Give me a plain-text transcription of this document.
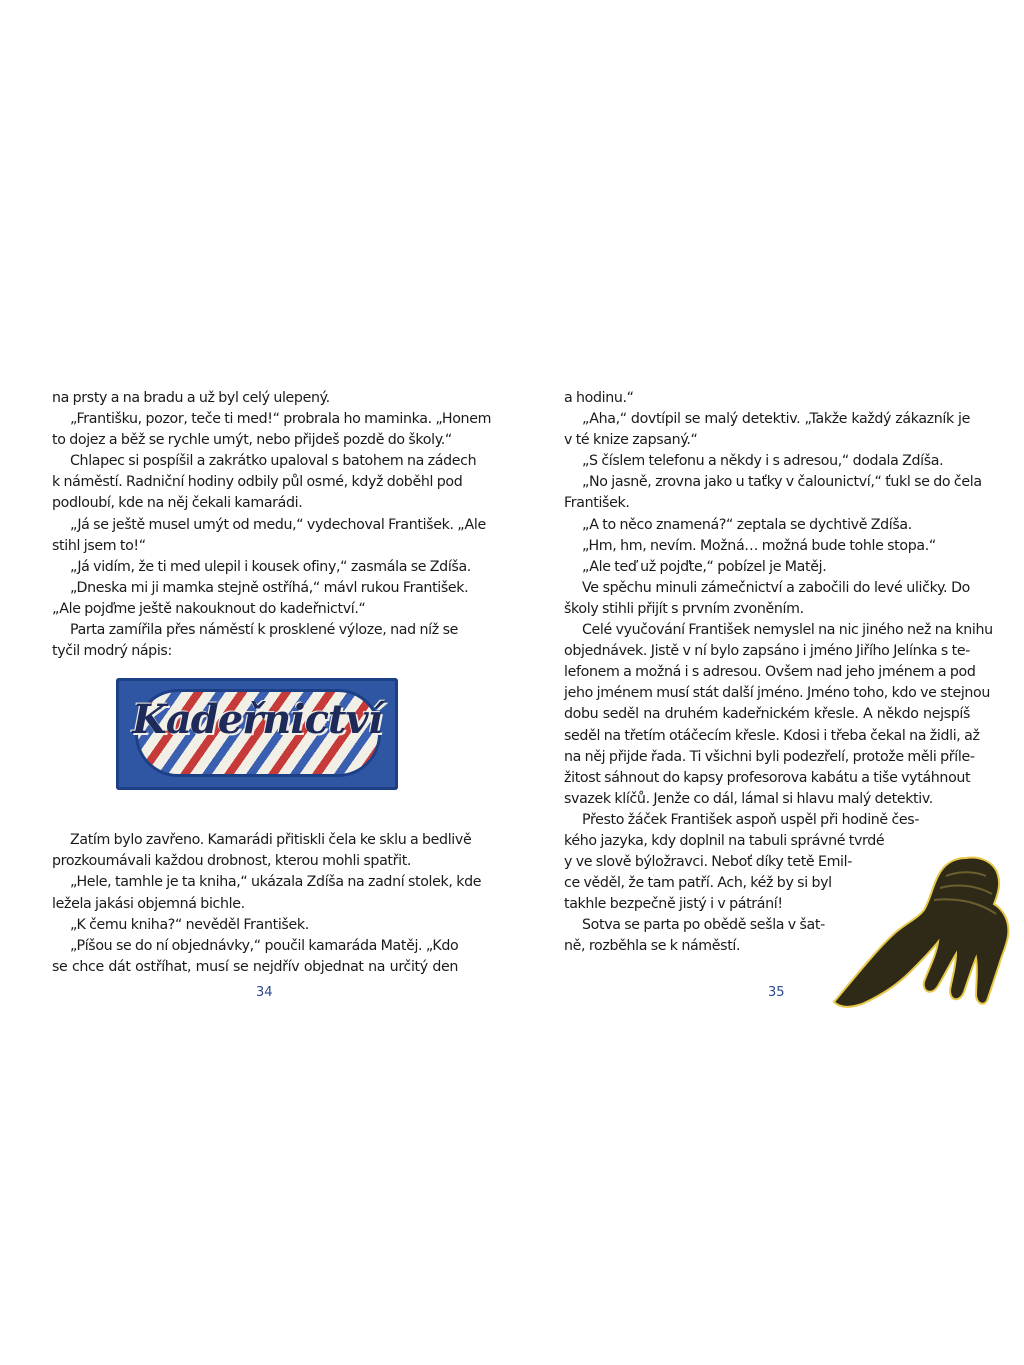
na prsty a na bradu a už byl celý ulepený.
„Františku, pozor, teče ti med!“ probrala ho maminka. „Honem
to dojez a běž se rychle umýt, nebo přijdeš pozdě do školy.“
Chlapec si pospíšil a zakrátko upaloval s batohem na zádech
k náměstí. Radniční hodiny odbily půl osmé, když doběhl pod
podloubí, kde na něj čekali kamarádi.
„Já se ještě musel umýt od medu,“ vydechoval František. „Ale
stihl jsem to!“
„Já vidím, že ti med ulepil i kousek ofiny,“ zasmála se Zdíša.
„Dneska mi ji mamka stejně ostříhá,“ mávl rukou František.
„Ale pojďme ještě nakouknout do kadeřnictví.“
Parta zamířila přes náměstí k prosklené výloze, nad níž se
tyčil modrý nápis:
Kadeřnictví
Zatím bylo zavřeno. Kamarádi přitiskli čela ke sklu a bedlivě
prozkoumávali každou drobnost, kterou mohli spatřit.
„Hele, tamhle je ta kniha,“ ukázala Zdíša na zadní stolek, kde
ležela jakási objemná bichle.
„K čemu kniha?“ nevěděl František.
„Píšou se do ní objednávky,“ poučil kamaráda Matěj. „Kdo
se chce dát ostříhat, musí se nejdřív objednat na určitý den
a hodinu.“
„Aha,“ dovtípil se malý detektiv. „Takže každý zákazník je
v té knize zapsaný.“
„S číslem telefonu a někdy i s adresou,“ dodala Zdíša.
„No jasně, zrovna jako u taťky v čalounictví,“ ťukl se do čela
František.
„A to něco znamená?“ zeptala se dychtivě Zdíša.
„Hm, hm, nevím. Možná… možná bude tohle stopa.“
„Ale teď už pojďte,“ pobízel je Matěj.
Ve spěchu minuli zámečnictví a zabočili do levé uličky. Do
školy stihli přijít s prvním zvoněním.
Celé vyučování František nemyslel na nic jiného než na knihu
objednávek. Jistě v ní bylo zapsáno i jméno Jiřího Jelínka s te-
lefonem a možná i s adresou. Ovšem nad jeho jménem a pod
jeho jménem musí stát další jméno. Jméno toho, kdo ve stejnou
dobu seděl na druhém kadeřnickém křesle. A někdo nejspíš
seděl na třetím otáčecím křesle. Kdosi i třeba čekal na židli, až
na něj přijde řada. Ti všichni byli podezřelí, protože měli příle-
žitost sáhnout do kapsy profesorova kabátu a tiše vytáhnout
svazek klíčů. Jenže co dál, lámal si hlavu malý detektiv.
Přesto žáček František aspoň uspěl při hodině čes-
kého jazyka, kdy doplnil na tabuli správné tvrdé
y ve slově býložravci. Neboť díky tetě Emil-
ce věděl, že tam patří. Ach, kéž by si byl
takhle bezpečně jistý i v pátrání!
Sotva se parta po obědě sešla v šat-
ně, rozběhla se k náměstí.
34	35
